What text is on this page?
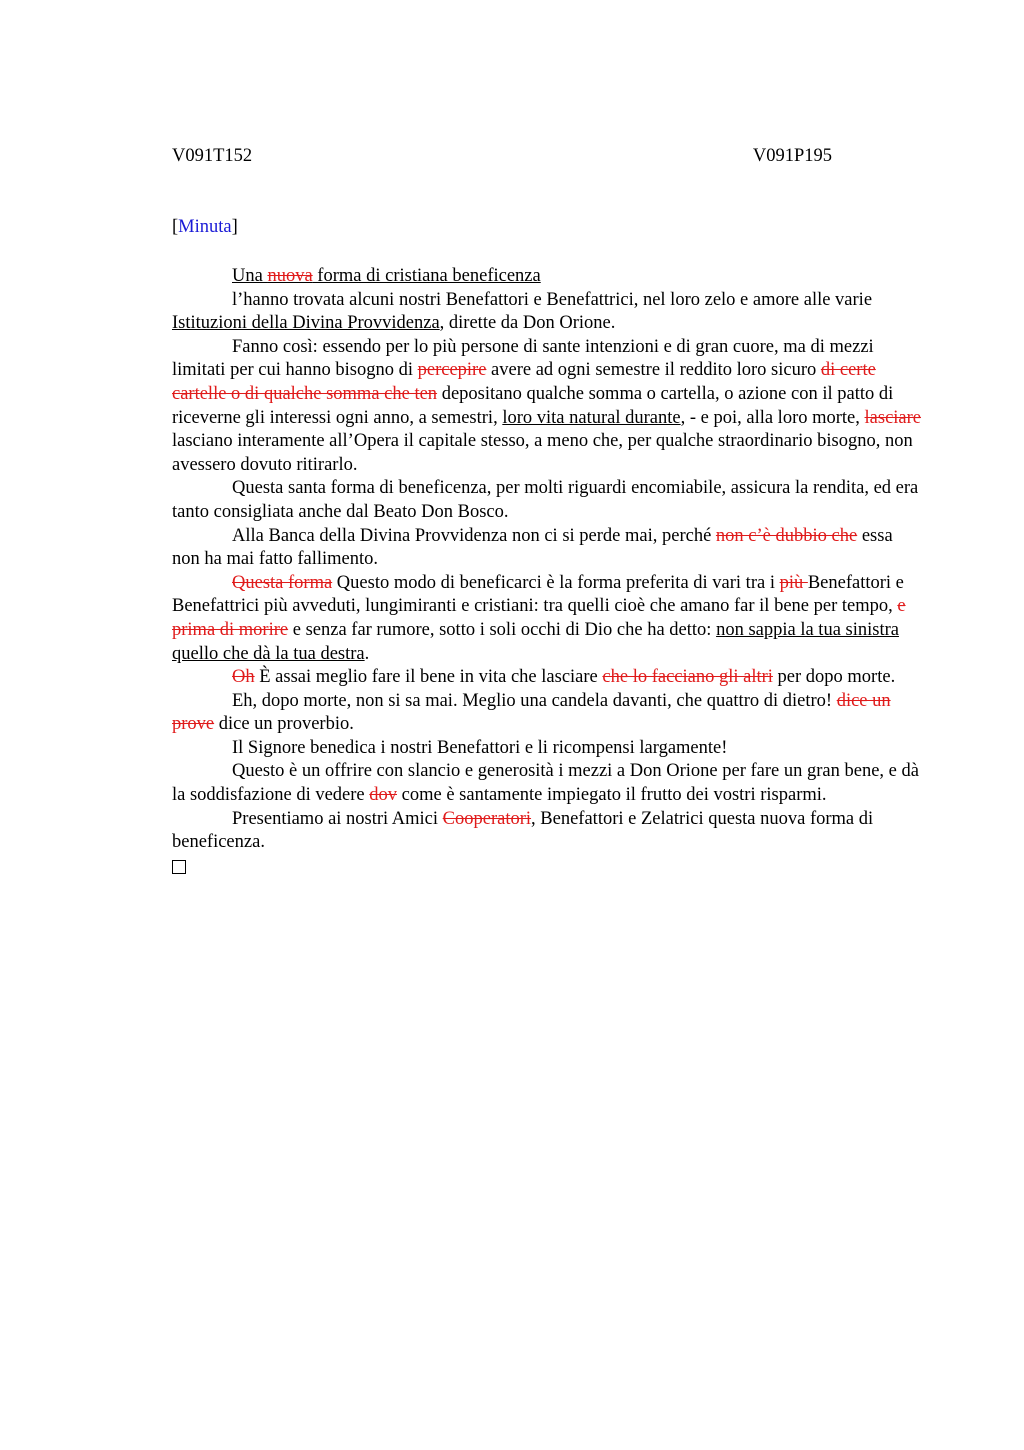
V091T152	V091P195
[Minuta]

Una nuova forma di cristiana beneficenza

l’hanno trovata alcuni nostri Benefattori e Benefattrici, nel loro zelo e amore alle varie Istituzioni della Divina Provvidenza, dirette da Don Orione.

Fanno così: essendo per lo più persone di sante intenzioni e di gran cuore, ma di mezzi limitati per cui hanno bisogno di percepire avere ad ogni semestre il reddito loro sicuro di certe cartelle o di qualche somma che ten depositano qualche somma o cartella, o azione con il patto di riceverne gli interessi ogni anno, a semestri, loro vita natural durante, - e poi, alla loro morte, lasciare lasciano interamente all’Opera il capitale stesso, a meno che, per qualche straordinario bisogno, non avessero dovuto ritirarlo.

Questa santa forma di beneficenza, per molti riguardi encomiabile, assicura la rendita, ed era tanto consigliata anche dal Beato Don Bosco.

Alla Banca della Divina Provvidenza non ci si perde mai, perché non c’è dubbio che essa non ha mai fatto fallimento.

Questa forma Questo modo di beneficarci è la forma preferita di vari tra i più Benefattori e Benefattrici più avveduti, lungimiranti e cristiani: tra quelli cioè che amano far il bene per tempo, e prima di morire e senza far rumore, sotto i soli occhi di Dio che ha detto: non sappia la tua sinistra quello che dà la tua destra.

Oh È assai meglio fare il bene in vita che lasciare che lo facciano gli altri per dopo morte.

Eh, dopo morte, non si sa mai. Meglio una candela davanti, che quattro di dietro! dice un prove dice un proverbio.

Il Signore benedica i nostri Benefattori e li ricompensi largamente!

Questo è un offrire con slancio e generosità i mezzi a Don Orione per fare un gran bene, e dà la soddisfazione di vedere dov come è santamente impiegato il frutto dei vostri risparmi.

Presentiamo ai nostri Amici Cooperatori, Benefattori e Zelatrici questa nuova forma di beneficenza.
